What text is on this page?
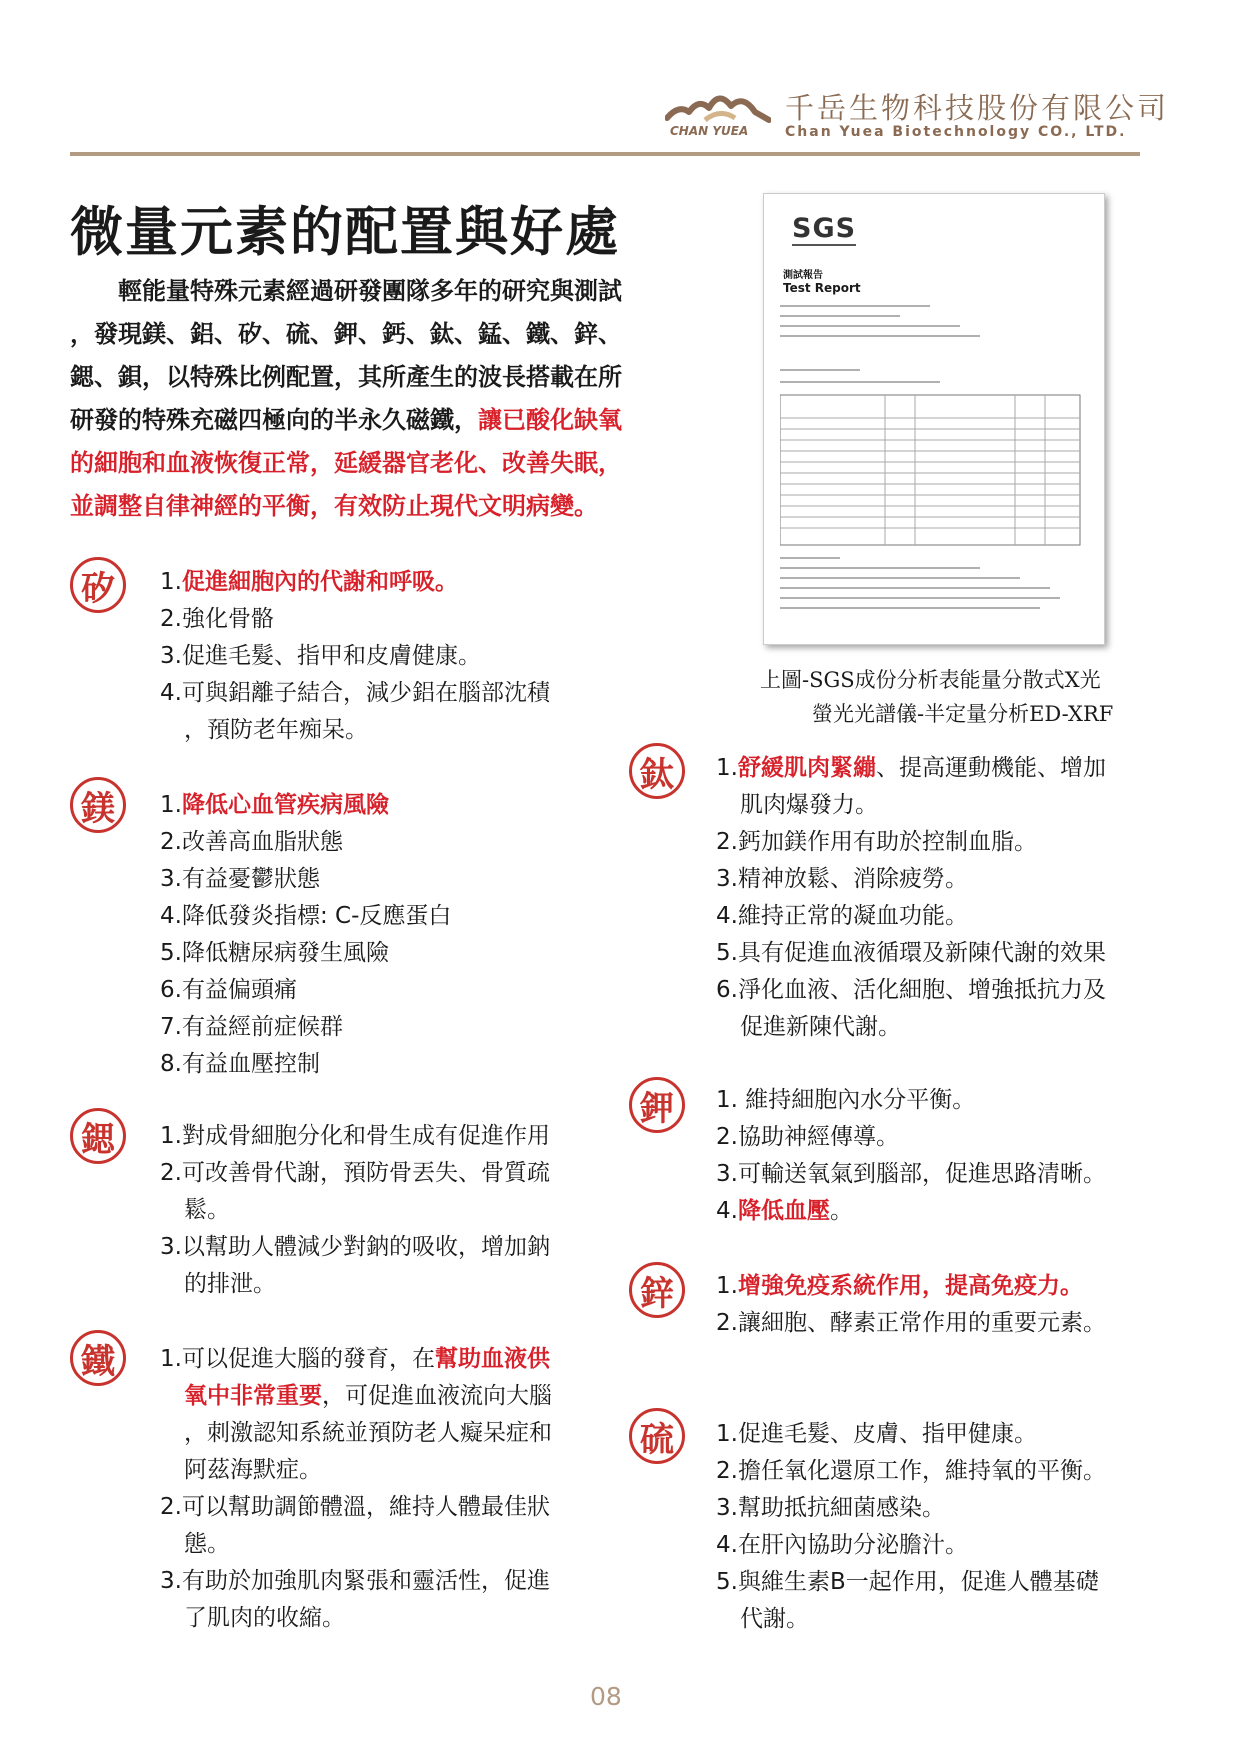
CHAN YUEA
千岳生物科技股份有限公司
Chan Yuea Biotechnology CO., LTD.
微量元素的配置與好處

　　輕能量特殊元素經過研發團隊多年的研究與測試

，發現鎂、鋁、矽、硫、鉀、鈣、鈦、錳、鐵、鋅、

鍶、鋇，以特殊比例配置，其所產生的波長搭載在所

研發的特殊充磁四極向的半永久磁鐵，讓已酸化缺氧

的細胞和血液恢復正常，延緩器官老化、改善失眠，

並調整自律神經的平衡，有效防止現代文明病變。

SGS
測試報告
Test Report
上圖-SGS成份分析表能量分散式X光
螢光光譜儀-半定量分析ED-XRF
矽	1.促進細胞內的代謝和呼吸。
2.強化骨骼
3.促進毛髮、指甲和皮膚健康。
4.可與鋁離子結合，減少鋁在腦部沈積
，預防老年痴呆。
鎂	1.降低心血管疾病風險
2.改善高血脂狀態
3.有益憂鬱狀態
4.降低發炎指標: C-反應蛋白
5.降低糖尿病發生風險
6.有益偏頭痛
7.有益經前症候群
8.有益血壓控制
鍶	1.對成骨細胞分化和骨生成有促進作用
2.可改善骨代謝，預防骨丟失、骨質疏
鬆。
3.以幫助人體減少對鈉的吸收，增加鈉
的排泄。
鐵	1.可以促進大腦的發育，在幫助血液供
氧中非常重要，可促進血液流向大腦
，刺激認知系統並預防老人癡呆症和
阿茲海默症。
2.可以幫助調節體溫，維持人體最佳狀
態。
3.有助於加強肌肉緊張和靈活性，促進
了肌肉的收縮。
鈦	1.舒緩肌肉緊繃、提高運動機能、增加
肌肉爆發力。
2.鈣加鎂作用有助於控制血脂。
3.精神放鬆、消除疲勞。
4.維持正常的凝血功能。
5.具有促進血液循環及新陳代謝的效果
6.淨化血液、活化細胞、增強抵抗力及
促進新陳代謝。
鉀	1. 維持細胞內水分平衡。
2.協助神經傳導。
3.可輸送氧氣到腦部，促進思路清晰。
4.降低血壓。
鋅	1.增強免疫系統作用，提高免疫力。
2.讓細胞、酵素正常作用的重要元素。
硫	1.促進毛髮、皮膚、指甲健康。
2.擔任氧化還原工作，維持氧的平衡。
3.幫助抵抗細菌感染。
4.在肝內協助分泌膽汁。
5.與維生素B一起作用，促進人體基礎
代謝。
08
